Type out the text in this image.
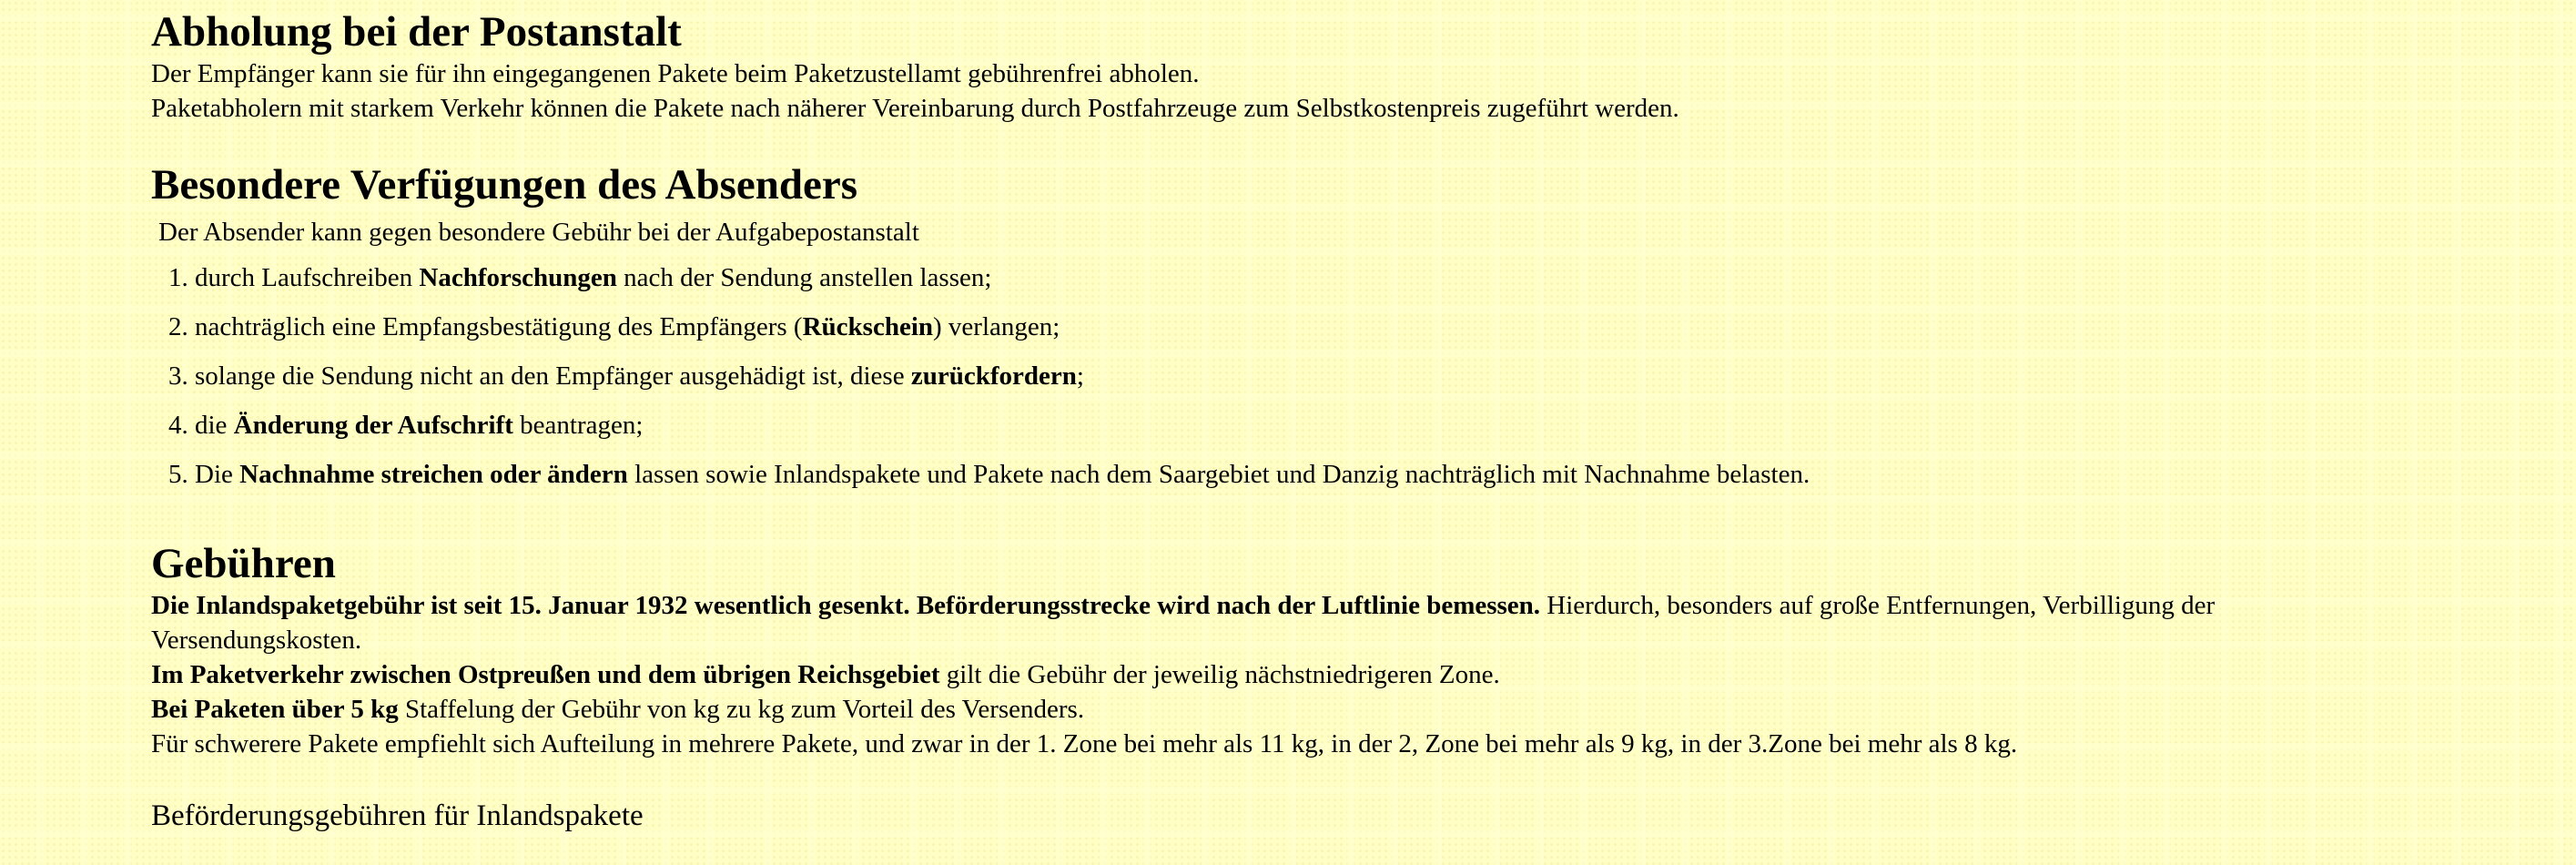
Abholung bei der Postanstalt

Der Empfänger kann sie für ihn eingegangenen Pakete beim Paketzustellamt gebührenfrei abholen.

Paketabholern mit starkem Verkehr können die Pakete nach näherer Vereinbarung durch Postfahrzeuge zum Selbstkostenpreis zugeführt werden.

Besondere Verfügungen des Absenders

Der Absender kann gegen besondere Gebühr bei der Aufgabepostanstalt

1. durch Laufschreiben Nachforschungen nach der Sendung anstellen lassen;
2. nachträglich eine Empfangsbestätigung des Empfängers (Rückschein) verlangen;
3. solange die Sendung nicht an den Empfänger ausgehädigt ist, diese zurückfordern;
4. die Änderung der Aufschrift beantragen;
5. Die Nachnahme streichen oder ändern lassen sowie Inlandspakete und Pakete nach dem Saargebiet und Danzig nachträglich mit Nachnahme belasten.
Gebühren

Die Inlandspaketgebühr ist seit 15. Januar 1932 wesentlich gesenkt. Beförderungsstrecke wird nach der Luftlinie bemessen. Hierdurch, besonders auf große Entfernungen, Verbilligung der Versendungskosten.

Im Paketverkehr zwischen Ostpreußen und dem übrigen Reichsgebiet gilt die Gebühr der jeweilig nächstniedrigeren Zone.

Bei Paketen über 5 kg Staffelung der Gebühr von kg zu kg zum Vorteil des Versenders.

Für schwerere Pakete empfiehlt sich Aufteilung in mehrere Pakete, und zwar in der 1. Zone bei mehr als 11 kg, in der 2, Zone bei mehr als 9 kg, in der 3.Zone bei mehr als 8 kg.

Beförderungsgebühren für Inlandspakete
